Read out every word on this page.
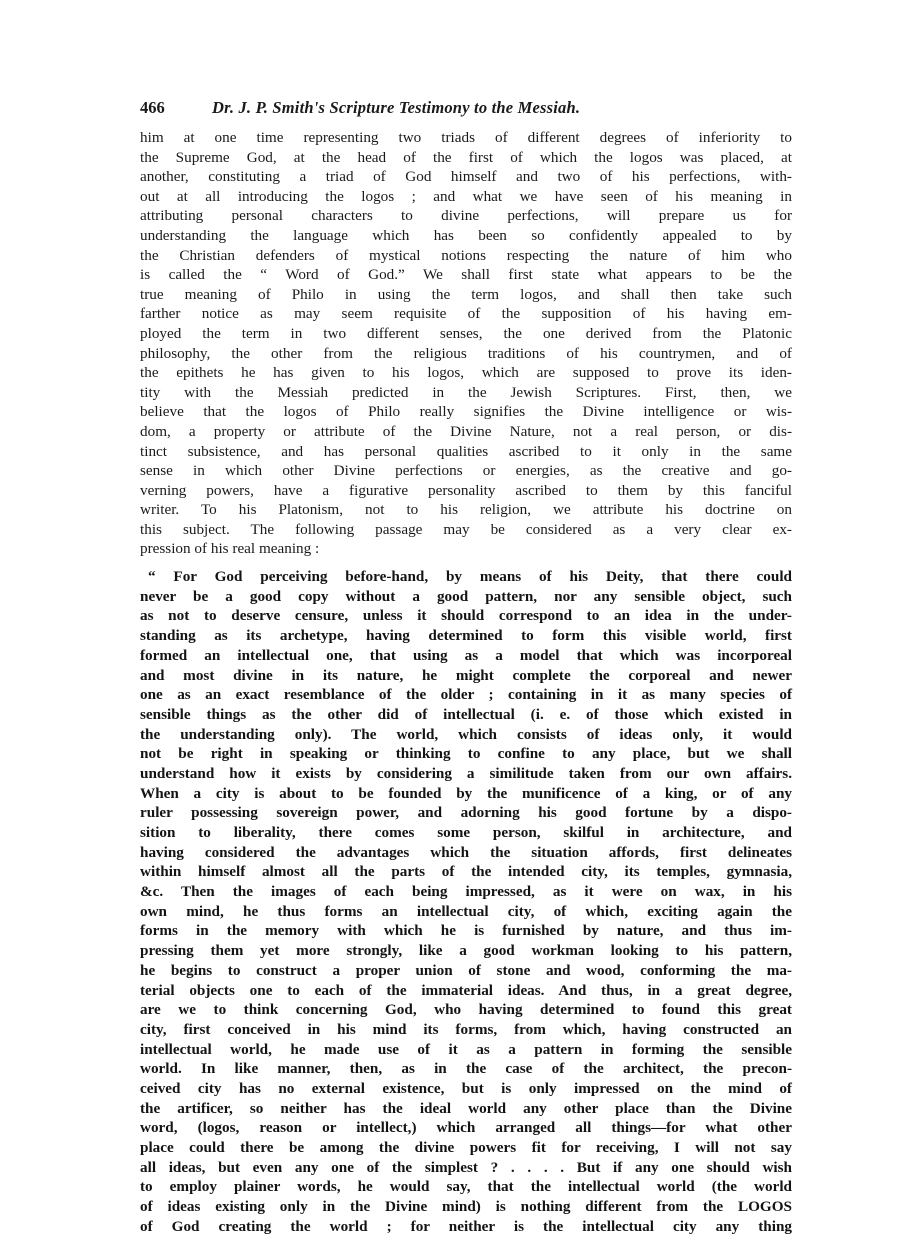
466	Dr. J. P. Smith's Scripture Testimony to the Messiah.
him at one time representing two triads of different degrees of inferiority to
the Supreme God, at the head of the first of which the logos was placed, at
another, constituting a triad of God himself and two of his perfections, with-
out at all introducing the logos ; and what we have seen of his meaning in
attributing personal characters to divine perfections, will prepare us for
understanding the language which has been so confidently appealed to by
the Christian defenders of mystical notions respecting the nature of him who
is called the “ Word of God.” We shall first state what appears to be the
true meaning of Philo in using the term logos, and shall then take such
farther notice as may seem requisite of the supposition of his having em-
ployed the term in two different senses, the one derived from the Platonic
philosophy, the other from the religious traditions of his countrymen, and of
the epithets he has given to his logos, which are supposed to prove its iden-
tity with the Messiah predicted in the Jewish Scriptures. First, then, we
believe that the logos of Philo really signifies the Divine intelligence or wis-
dom, a property or attribute of the Divine Nature, not a real person, or dis-
tinct subsistence, and has personal qualities ascribed to it only in the same
sense in which other Divine perfections or energies, as the creative and go-
verning powers, have a figurative personality ascribed to them by this fanciful
writer. To his Platonism, not to his religion, we attribute his doctrine on
this subject. The following passage may be considered as a very clear ex-
pression of his real meaning :
“ For God perceiving before-hand, by means of his Deity, that there could
never be a good copy without a good pattern, nor any sensible object, such
as not to deserve censure, unless it should correspond to an idea in the under-
standing as its archetype, having determined to form this visible world, first
formed an intellectual one, that using as a model that which was incorporeal
and most divine in its nature, he might complete the corporeal and newer
one as an exact resemblance of the older ; containing in it as many species of
sensible things as the other did of intellectual (i. e. of those which existed in
the understanding only). The world, which consists of ideas only, it would
not be right in speaking or thinking to confine to any place, but we shall
understand how it exists by considering a similitude taken from our own affairs.
When a city is about to be founded by the munificence of a king, or of any
ruler possessing sovereign power, and adorning his good fortune by a dispo-
sition to liberality, there comes some person, skilful in architecture, and
having considered the advantages which the situation affords, first delineates
within himself almost all the parts of the intended city, its temples, gymnasia,
&c. Then the images of each being impressed, as it were on wax, in his
own mind, he thus forms an intellectual city, of which, exciting again the
forms in the memory with which he is furnished by nature, and thus im-
pressing them yet more strongly, like a good workman looking to his pattern,
he begins to construct a proper union of stone and wood, conforming the ma-
terial objects one to each of the immaterial ideas. And thus, in a great degree,
are we to think concerning God, who having determined to found this great
city, first conceived in his mind its forms, from which, having constructed an
intellectual world, he made use of it as a pattern in forming the sensible
world. In like manner, then, as in the case of the architect, the precon-
ceived city has no external existence, but is only impressed on the mind of
the artificer, so neither has the ideal world any other place than the Divine
word, (logos, reason or intellect,) which arranged all things—for what other
place could there be among the divine powers fit for receiving, I will not say
all ideas, but even any one of the simplest ? . . . . But if any one should wish
to employ plainer words, he would say, that the intellectual world (the world
of ideas existing only in the Divine mind) is nothing different from the LOGOS
of God creating the world ; for neither is the intellectual city any thing
